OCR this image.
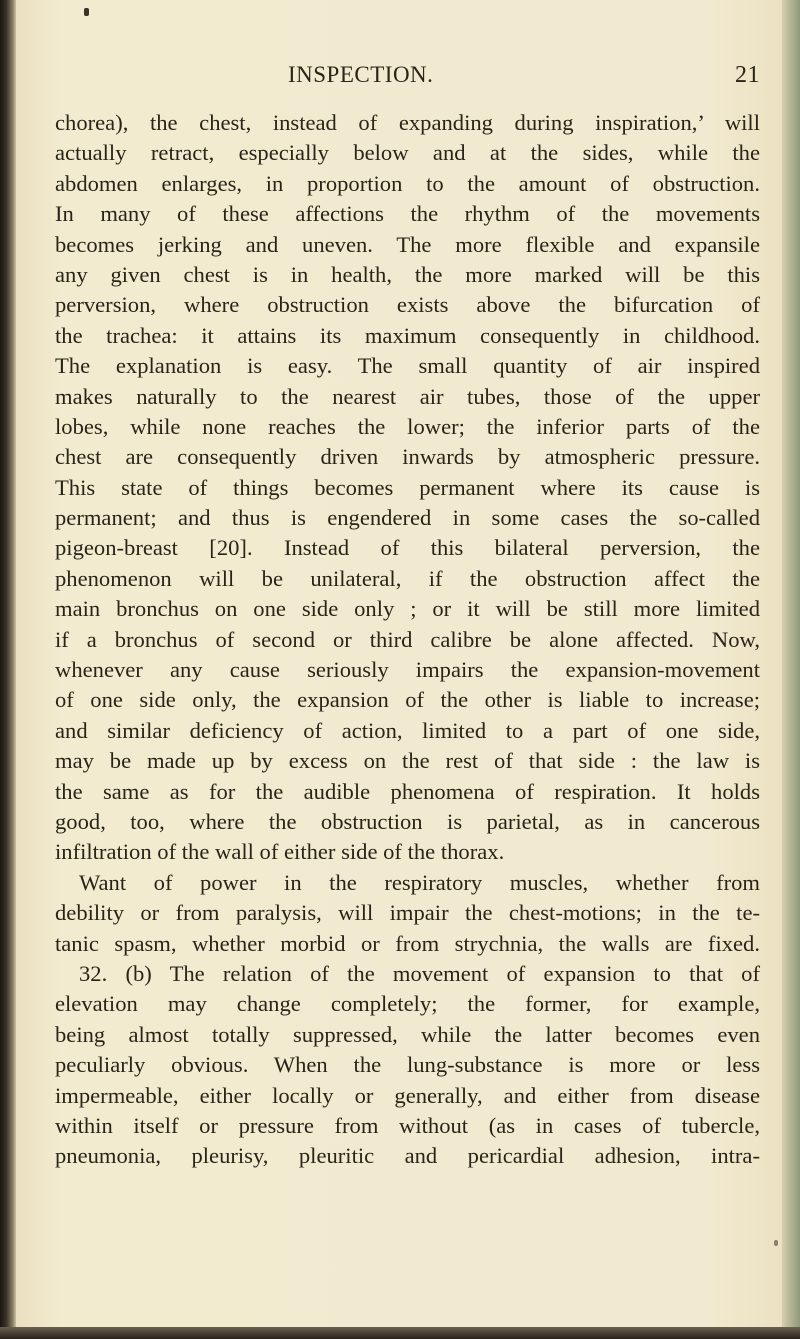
INSPECTION.	21
chorea), the chest, instead of expanding during inspiration,’ will
actually retract, especially below and at the sides, while the
abdomen enlarges, in proportion to the amount of obstruction.
In many of these affections the rhythm of the movements
becomes jerking and uneven. The more flexible and expansile
any given chest is in health, the more marked will be this
perversion, where obstruction exists above the bifurcation of
the trachea: it attains its maximum consequently in childhood.
The explanation is easy. The small quantity of air inspired
makes naturally to the nearest air tubes, those of the upper
lobes, while none reaches the lower; the inferior parts of the
chest are consequently driven inwards by atmospheric pressure.
This state of things becomes permanent where its cause is
permanent; and thus is engendered in some cases the so-called
pigeon-breast [20]. Instead of this bilateral perversion, the
phenomenon will be unilateral, if the obstruction affect the
main bronchus on one side only ; or it will be still more limited
if a bronchus of second or third calibre be alone affected. Now,
whenever any cause seriously impairs the expansion-movement
of one side only, the expansion of the other is liable to increase;
and similar deficiency of action, limited to a part of one side,
may be made up by excess on the rest of that side : the law is
the same as for the audible phenomena of respiration. It holds
good, too, where the obstruction is parietal, as in cancerous
infiltration of the wall of either side of the thorax.
Want of power in the respiratory muscles, whether from
debility or from paralysis, will impair the chest-motions; in the te-
tanic spasm, whether morbid or from strychnia, the walls are fixed.
32. (b) The relation of the movement of expansion to that of
elevation may change completely; the former, for example,
being almost totally suppressed, while the latter becomes even
peculiarly obvious. When the lung-substance is more or less
impermeable, either locally or generally, and either from disease
within itself or pressure from without (as in cases of tubercle,
pneumonia, pleurisy, pleuritic and pericardial adhesion, intra-
